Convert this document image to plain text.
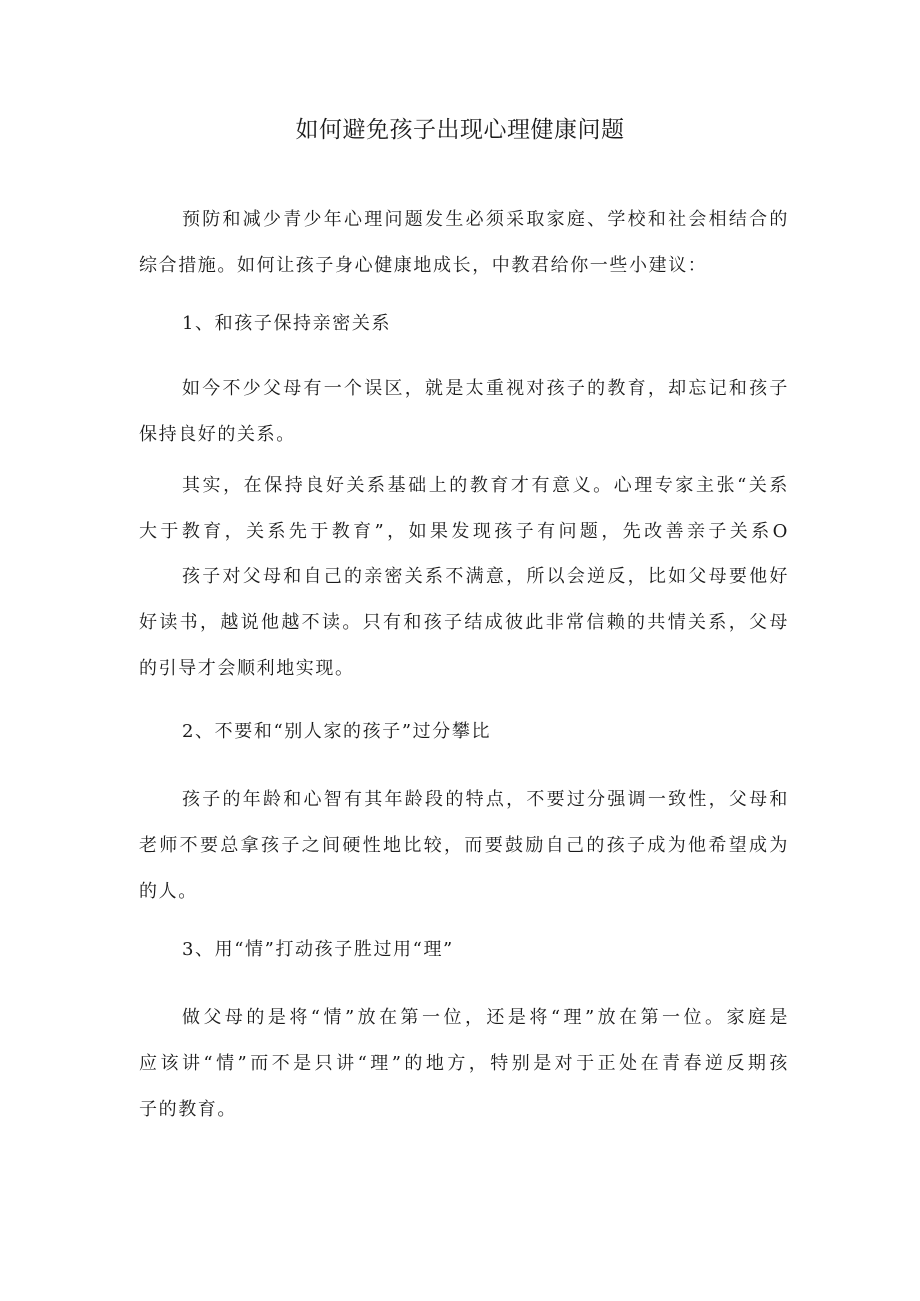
如何避免孩子出现心理健康问题
预防和减少青少年心理问题发生必须采取家庭、学校和社会相结合的
综合措施。如何让孩子身心健康地成长，中教君给你一些小建议：
1、和孩子保持亲密关系
如今不少父母有一个误区，就是太重视对孩子的教育，却忘记和孩子
保持良好的关系。
其实，在保持良好关系基础上的教育才有意义。心理专家主张“关系
大于教育，关系先于教育”，如果发现孩子有问题，先改善亲子关系O
孩子对父母和自己的亲密关系不满意，所以会逆反，比如父母要他好
好读书，越说他越不读。只有和孩子结成彼此非常信赖的共情关系，父母
的引导才会顺利地实现。
2、不要和“别人家的孩子”过分攀比
孩子的年龄和心智有其年龄段的特点，不要过分强调一致性，父母和
老师不要总拿孩子之间硬性地比较，而要鼓励自己的孩子成为他希望成为
的人。
3、用“情”打动孩子胜过用“理”
做父母的是将“情”放在第一位，还是将“理”放在第一位。家庭是
应该讲“情”而不是只讲“理”的地方，特别是对于正处在青春逆反期孩
子的教育。
